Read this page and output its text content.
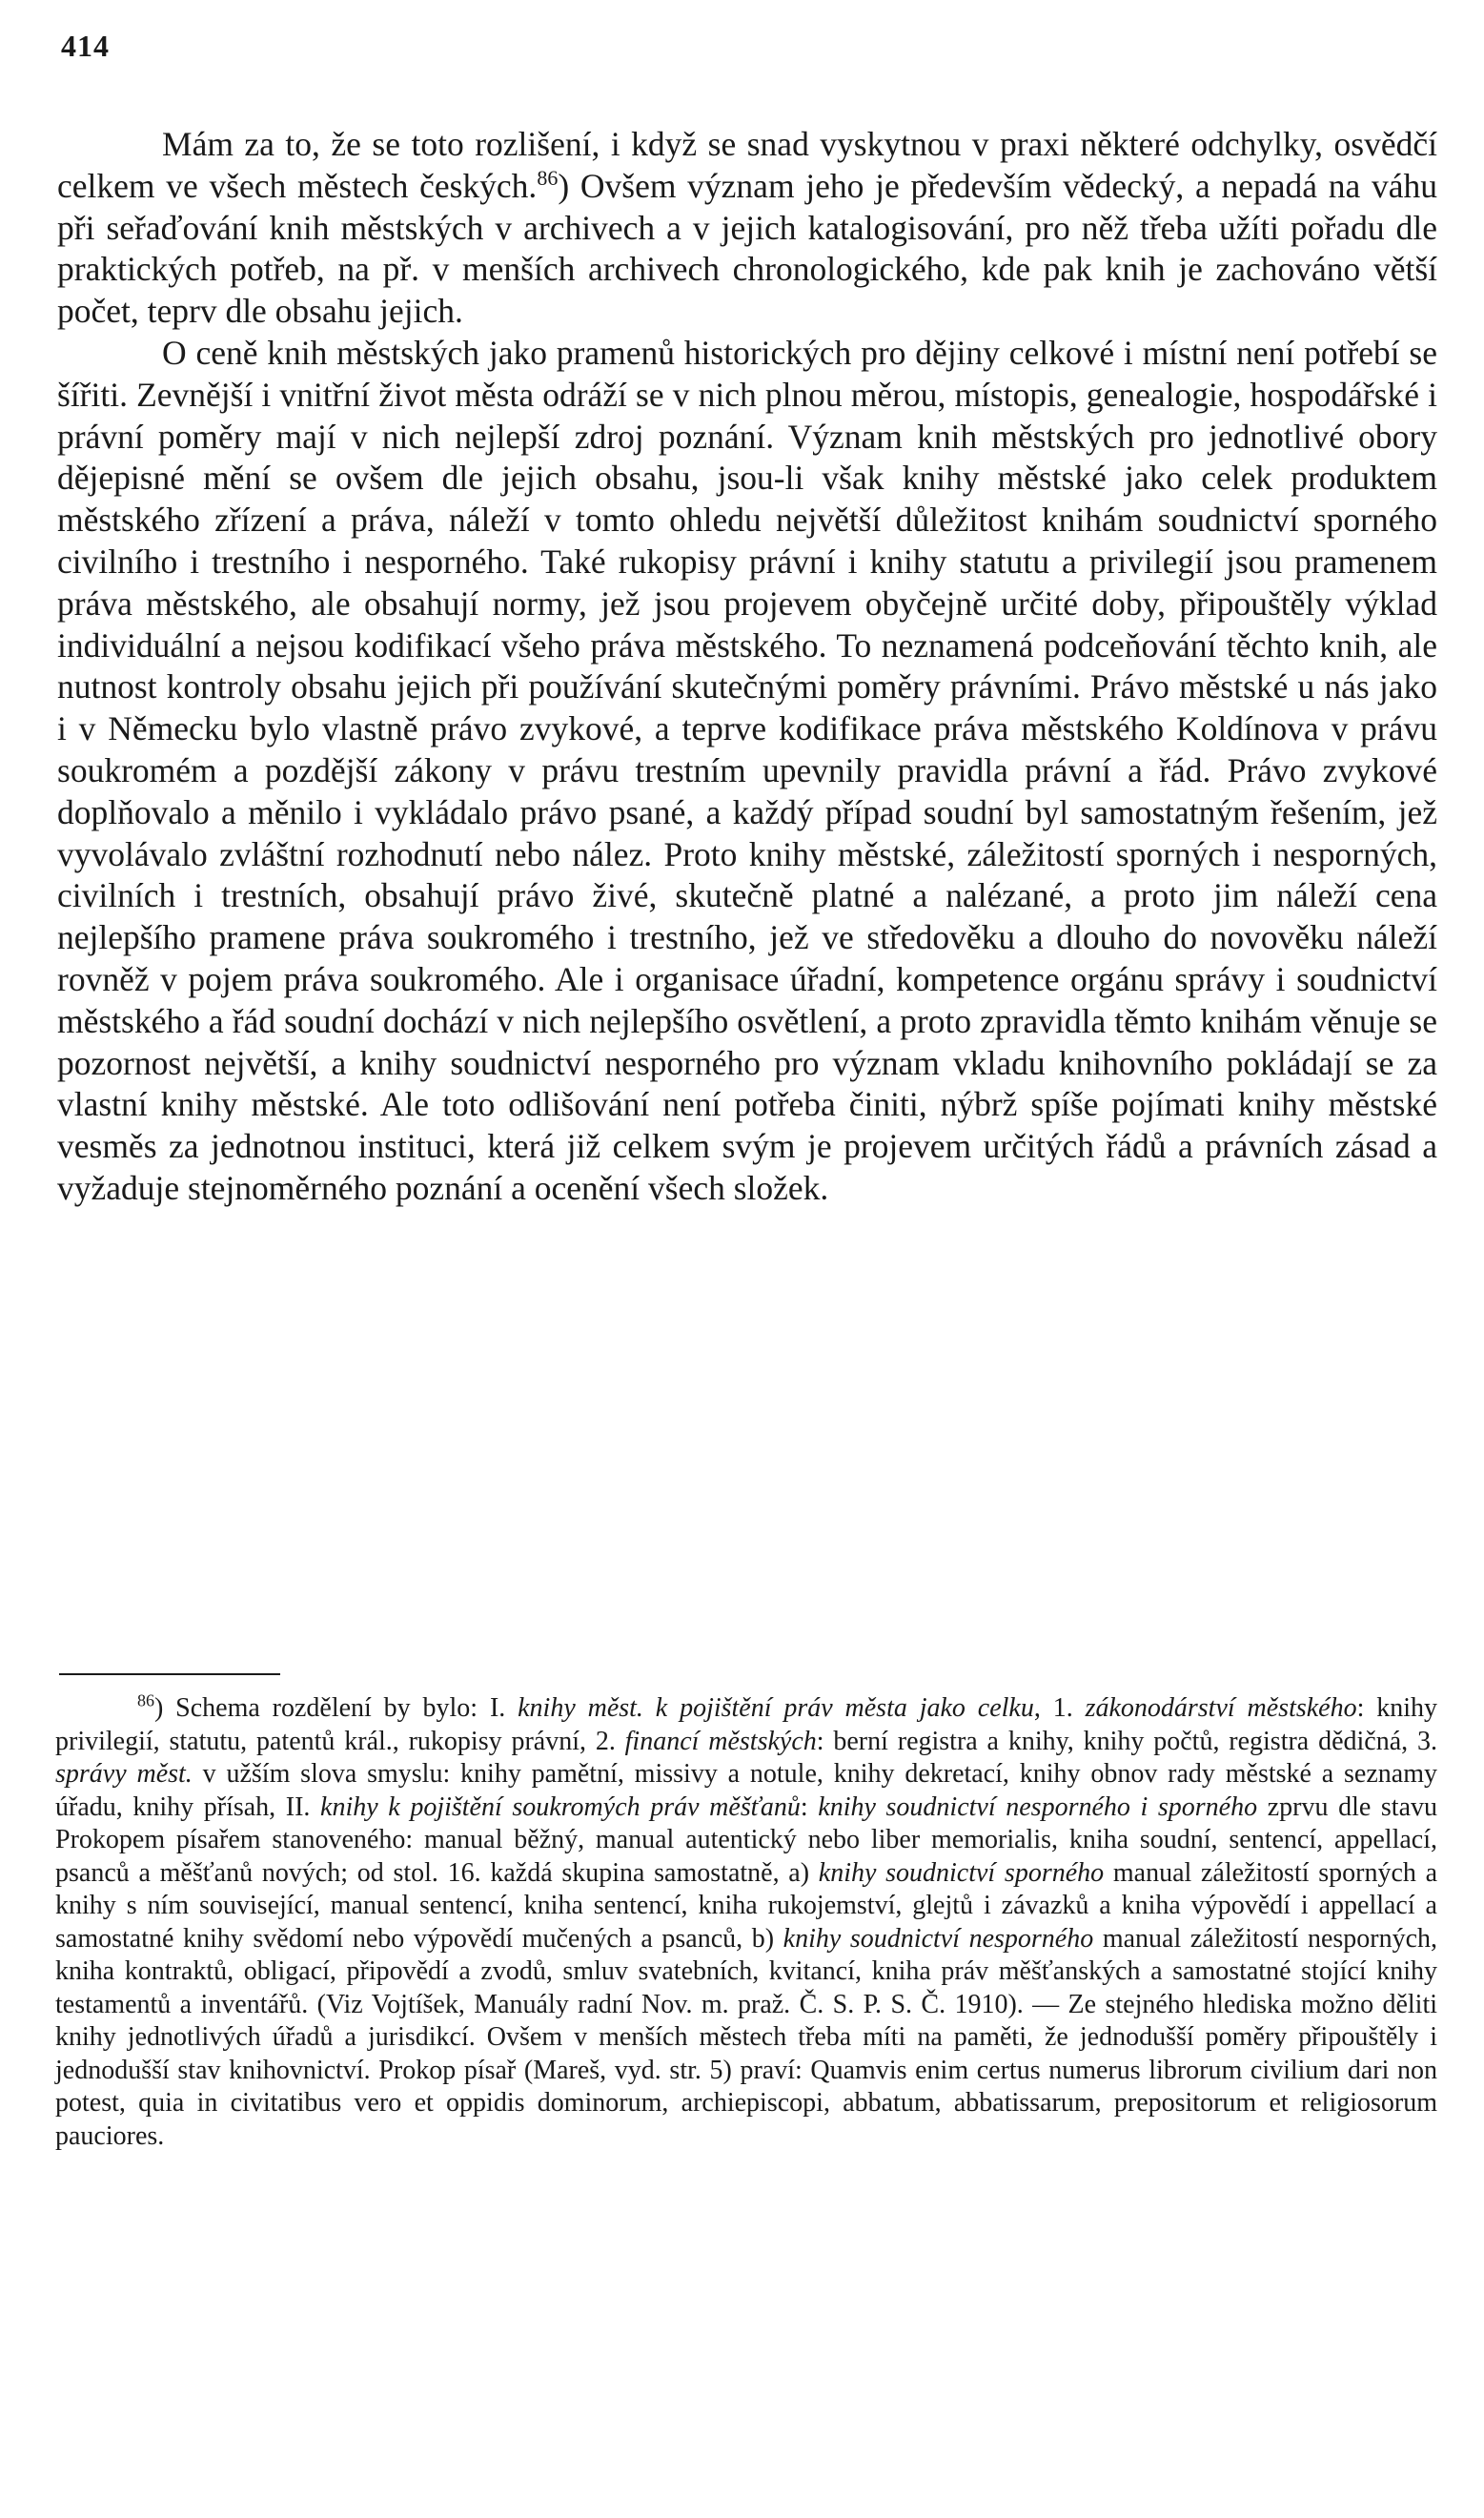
414

Mám za to, že se toto rozlišení, i když se snad vyskytnou v praxi některé odchylky, osvědčí celkem ve všech městech českých.$^{86}$) Ovšem význam jeho je především vědecký, a nepadá na váhu při seřaďování knih městských v archivech a v jejich katalogisování, pro něž třeba užíti pořadu dle praktických potřeb, na př. v menších archivech chronologického, kde pak knih je zachováno větší počet, teprv dle obsahu jejich.

O ceně knih městských jako pramenů historických pro dějiny celkové i místní není potřebí se šířiti. Zevnější i vnitřní život města odráží se v nich plnou měrou, místopis, genealogie, hospodářské i právní poměry mají v nich nejlepší zdroj poznání. Význam knih městských pro jednotlivé obory dějepisné mění se ovšem dle jejich obsahu, jsou-li však knihy městské jako celek produktem městského zřízení a práva, náleží v tomto ohledu největší důležitost knihám soudnictví sporného civilního i trestního i nesporného. Také rukopisy právní i knihy statutu a privilegií jsou pramenem práva městského, ale obsahují normy, jež jsou projevem obyčejně určité doby, připouštěly výklad individuální a nejsou kodifikací všeho práva městského. To neznamená podceňování těchto knih, ale nutnost kontroly obsahu jejich při používání skutečnými poměry právními. Právo městské u nás jako i v Německu bylo vlastně právo zvykové, a teprve kodifikace práva městského Koldínova v právu soukromém a pozdější zákony v právu trestním upevnily pravidla právní a řád. Právo zvykové doplňovalo a měnilo i vykládalo právo psané, a každý případ soudní byl samostatným řešením, jež vyvolávalo zvláštní rozhodnutí nebo nález. Proto knihy městské, záležitostí sporných i nesporných, civilních i trestních, obsahují právo živé, skutečně platné a nalézané, a proto jim náleží cena nejlepšího pramene práva soukromého i trestního, jež ve středověku a dlouho do novověku náleží rovněž v pojem práva soukromého. Ale i organisace úřadní, kompetence orgánu správy i soudnictví městského a řád soudní dochází v nich nejlepšího osvětlení, a proto zpravidla těmto knihám věnuje se pozornost největší, a knihy soudnictví nesporného pro význam vkladu knihovního pokládají se za vlastní knihy městské. Ale toto odlišování není potřeba činiti, nýbrž spíše pojímati knihy městské vesměs za jednotnou instituci, která již celkem svým je projevem určitých řádů a právních zásad a vyžaduje stejnoměrného poznání a ocenění všech složek.

$^{86}$) Schema rozdělení by bylo: I. knihy měst. k pojištění práv města jako celku, 1. zákonodárství městského: knihy privilegií, statutu, patentů král., rukopisy právní, 2. financí městských: berní registra a knihy, knihy počtů, registra dědičná, 3. správy měst. v užším slova smyslu: knihy pamětní, missivy a notule, knihy dekretací, knihy obnov rady městské a seznamy úřadu, knihy přísah, II. knihy k pojištění soukromých práv měšťanů: knihy soudnictví nesporného i sporného zprvu dle stavu Prokopem písařem stanoveného: manual běžný, manual autentický nebo liber memorialis, kniha soudní, sentencí, appellací, psanců a měšťanů nových; od stol. 16. každá skupina samostatně, a) knihy soudnictví sporného manual záležitostí sporných a knihy s ním související, manual sentencí, kniha sentencí, kniha rukojemství, glejtů i závazků a kniha výpovědí i appellací a samostatné knihy svědomí nebo výpovědí mučených a psanců, b) knihy soudnictví nesporného manual záležitostí nesporných, kniha kontraktů, obligací, připovědí a zvodů, smluv svatebních, kvitancí, kniha práv měšťanských a samostatné stojící knihy testamentů a inventářů. (Viz Vojtíšek, Manuály radní Nov. m. praž. Č. S. P. S. Č. 1910). — Ze stejného hlediska možno děliti knihy jednotlivých úřadů a jurisdikcí. Ovšem v menších městech třeba míti na paměti, že jednodušší poměry připouštěly i jednodušší stav knihovnictví. Prokop písař (Mareš, vyd. str. 5) praví: Quamvis enim certus numerus librorum civilium dari non potest, quia in civitatibus vero et oppidis dominorum, archiepiscopi, abbatum, abbatissarum, prepositorum et religiosorum pauciores.
